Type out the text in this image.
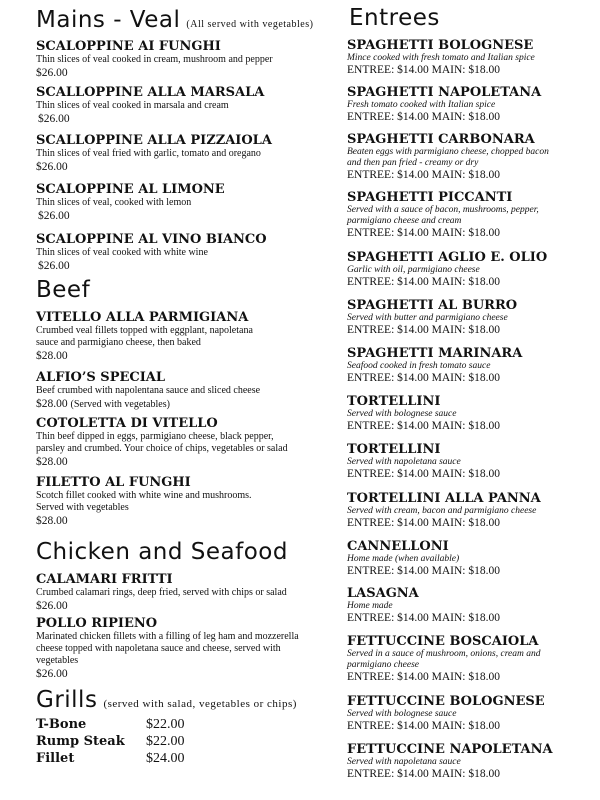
Mains - Veal (All served with vegetables)
SCALOPPINE AI FUNGHI
Thin slices of veal cooked in cream, mushroom and pepper
$26.00
SCALLOPPINE ALLA MARSALA
Thin slices of veal cooked in marsala and cream
$26.00
SCALLOPPINE ALLA PIZZAIOLA
Thin slices of veal fried with garlic, tomato and oregano
$26.00
SCALOPPINE AL LIMONE
Thin slices of veal, cooked with lemon
$26.00
SCALOPPINE AL VINO BIANCO
Thin slices of veal cooked with white wine
$26.00
Beef
VITELLO ALLA PARMIGIANA
Crumbed veal fillets topped with eggplant, napoletana sauce and parmigiano cheese, then baked
$28.00
ALFIO’S SPECIAL
Beef crumbed with napolentana sauce and sliced cheese
$28.00 (Served with vegetables)
COTOLETTA DI VITELLO
Thin beef dipped in eggs, parmigiano cheese, black pepper, parsley and crumbed. Your choice of chips, vegetables or salad
$28.00
FILETTO AL FUNGHI
Scotch fillet cooked with white wine and mushrooms. Served with vegetables
$28.00
Chicken and Seafood
CALAMARI FRITTI
Crumbed calamari rings, deep fried, served with chips or salad
$26.00
POLLO RIPIENO
Marinated chicken fillets with a filling of leg ham and mozzerella cheese topped with napoletana sauce and cheese, served with vegetables
$26.00
Grills (served with salad, vegetables or chips)
T-Bone	$22.00
Rump Steak $22.00
Fillet	$24.00
Entrees
SPAGHETTI BOLOGNESE
Mince cooked with fresh tomato and Italian spice
ENTREE: $14.00 MAIN: $18.00
SPAGHETTI NAPOLETANA
Fresh tomato cooked with Italian spice
ENTREE: $14.00 MAIN: $18.00
SPAGHETTI CARBONARA
Beaten eggs with parmigiano cheese, chopped bacon and then pan fried - creamy or dry
ENTREE: $14.00 MAIN: $18.00
SPAGHETTI PICCANTI
Served with a sauce of bacon, mushrooms, pepper, parmigiano cheese and cream
ENTREE: $14.00 MAIN: $18.00
SPAGHETTI AGLIO E. OLIO
Garlic with oil, parmigiano cheese
ENTREE: $14.00 MAIN: $18.00
SPAGHETTI AL BURRO
Served with butter and parmigiano cheese
ENTREE: $14.00 MAIN: $18.00
SPAGHETTI MARINARA
Seafood cooked in fresh tomato sauce
ENTREE: $14.00 MAIN: $18.00
TORTELLINI
Served with bolognese sauce
ENTREE: $14.00 MAIN: $18.00
TORTELLINI
Served with napoletana sauce
ENTREE: $14.00 MAIN: $18.00
TORTELLINI ALLA PANNA
Served with cream, bacon and parmigiano cheese
ENTREE: $14.00 MAIN: $18.00
CANNELLONI
Home made (when available)
ENTREE: $14.00 MAIN: $18.00
LASAGNA
Home made
ENTREE: $14.00 MAIN: $18.00
FETTUCCINE BOSCAIOLA
Served in a sauce of mushroom, onions, cream and parmigiano cheese
ENTREE: $14.00 MAIN: $18.00
FETTUCCINE BOLOGNESE
Served with bolognese sauce
ENTREE: $14.00 MAIN: $18.00
FETTUCCINE NAPOLETANA
Served with napoletana sauce
ENTREE: $14.00 MAIN: $18.00
